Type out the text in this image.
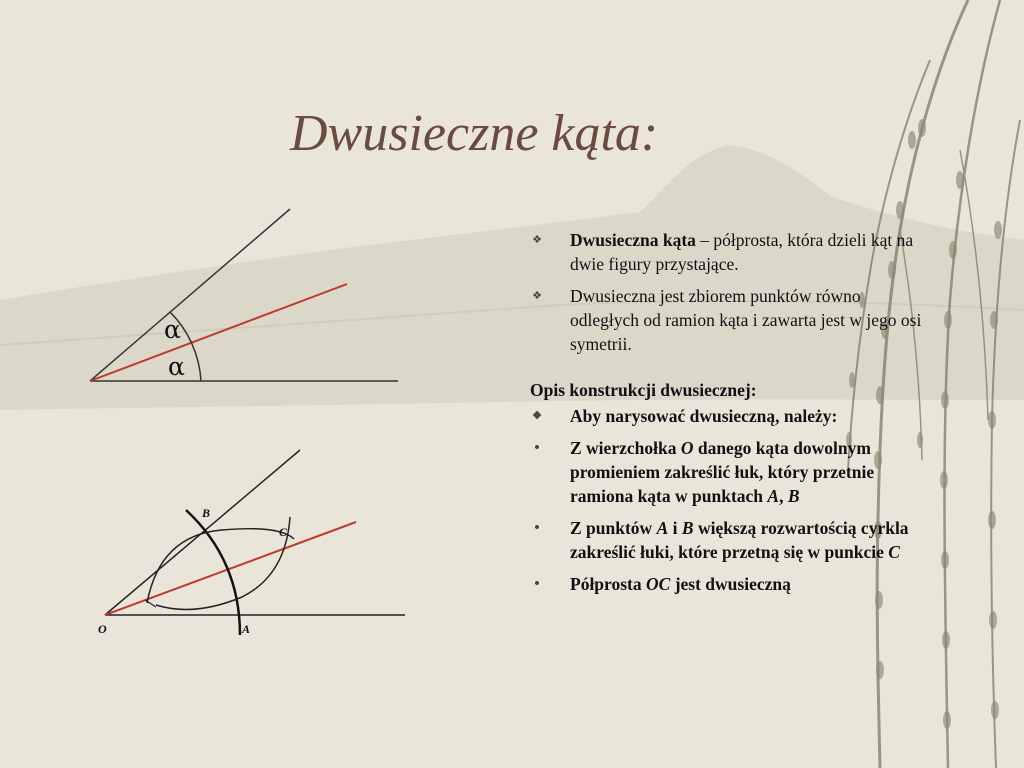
Dwusieczne kąta:
α
α
O	A
B
C
❖ Dwusieczna kąta – półprosta, która dzieli kąt na dwie figury przystające.
❖ Dwusieczna jest zbiorem punktów równo odległych od ramion kąta i zawarta jest w jego osi symetrii.
Opis konstrukcji dwusiecznej:
❖ Aby narysować dwusieczną, należy:
• Z wierzchołka O danego kąta dowolnym promieniem zakreślić łuk, który przetnie ramiona kąta w punktach A, B
• Z punktów A i B większą rozwartością cyrkla zakreślić łuki, które przetną się w punkcie C
• Półprosta OC jest dwusieczną
